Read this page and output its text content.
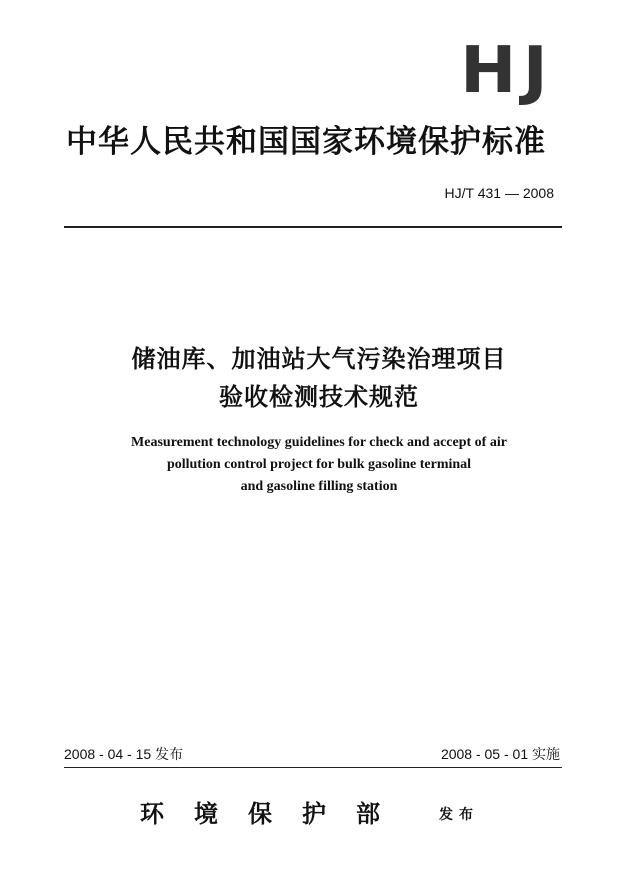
HJ
中华人民共和国国家环境保护标准
HJ/T 431 — 2008
储油库、加油站大气污染治理项目
验收检测技术规范
Measurement technology guidelines for check and accept of air
pollution control project for bulk gasoline terminal
and gasoline filling station
2008 - 04 - 15 发布	2008 - 05 - 01 实施
环境保护部 发布
